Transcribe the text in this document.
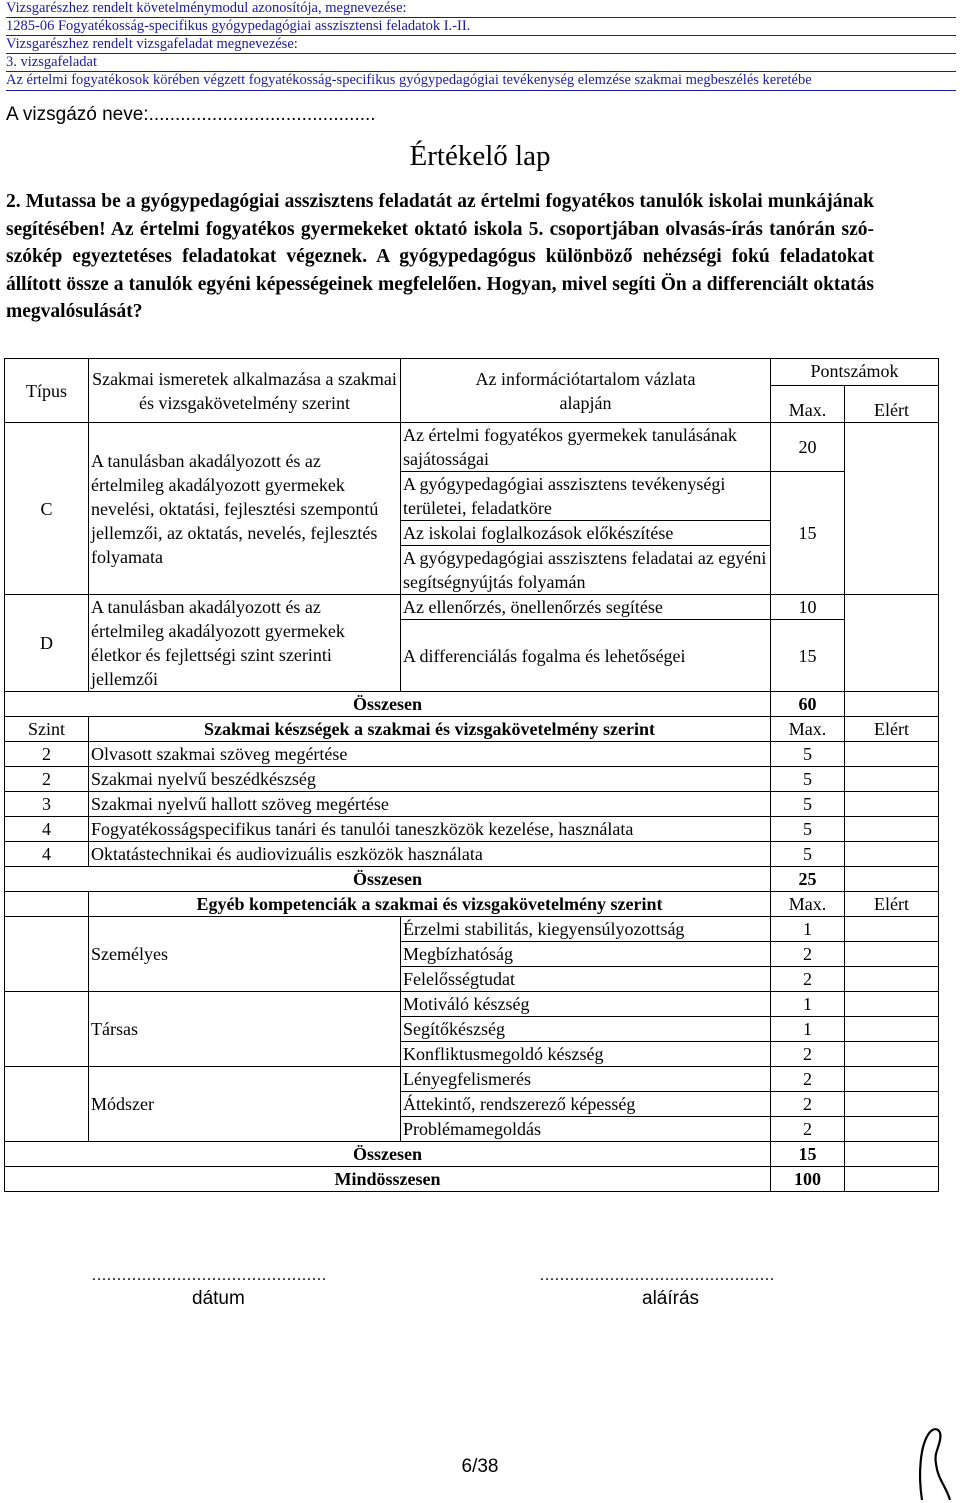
Vizsgarészhez rendelt követelménymodul azonosítója, megnevezése:
1285-06 Fogyatékosság-specifikus gyógypedagógiai asszisztensi feladatok I.-II.
Vizsgarészhez rendelt vizsgafeladat megnevezése:
3. vizsgafeladat
Az értelmi fogyatékosok körében végzett fogyatékosság-specifikus gyógypedagógiai tevékenység elemzése szakmai megbeszélés keretébe
A vizsgázó neve:...........................................
Értékelő lap
2. Mutassa be a gyógypedagógiai asszisztens feladatát az értelmi fogyatékos tanulók iskolai munkájának segítésében! Az értelmi fogyatékos gyermekeket oktató iskola 5. csoportjában olvasás-írás tanórán szó-szókép egyeztetéses feladatokat végeznek. A gyógypedagógus különböző nehézségi fokú feladatokat állított össze a tanulók egyéni képességeinek megfelelően. Hogyan, mivel segíti Ön a differenciált oktatás megvalósulását?
Típus	Szakmai ismeretek alkalmazása a szakmai és vizsgakövetelmény szerint	Az információtartalom vázlata alapján	Pontszámok	
			Max.	Elért
C	A tanulásban akadályozott és az értelmileg akadályozott gyermekek nevelési, oktatási, fejlesztési szempontú jellemzői, az oktatás, nevelés, fejlesztés folyamata	Az értelmi fogyatékos gyermekek tanulásának sajátosságai	20	
		A gyógypedagógiai asszisztens tevékenységi területei, feladatköre	15	
		Az iskolai foglalkozások előkészítése		
		A gyógypedagógiai asszisztens feladatai az egyéni segítségnyújtás folyamán		
D	A tanulásban akadályozott és az értelmileg akadályozott gyermekek életkor és fejlettségi szint szerinti jellemzői	Az ellenőrzés, önellenőrzés segítése	10	
		A differenciálás fogalma és lehetőségei	15	
Összesen			60	
Szint	Szakmai készségek a szakmai és vizsgakövetelmény szerint		Max.	Elért
2	Olvasott szakmai szöveg megértése		5	
2	Szakmai nyelvű beszédkészség		5	
3	Szakmai nyelvű hallott szöveg megértése		5	
4	Fogyatékosságspecifikus tanári és tanulói taneszközök kezelése, használata		5	
4	Oktatástechnikai és audiovizuális eszközök használata		5	
Összesen			25	
	Egyéb kompetenciák a szakmai és vizsgakövetelmény szerint		Max.	Elért
	Személyes	Érzelmi stabilitás, kiegyensúlyozottság	1	
		Megbízhatóság	2	
		Felelősségtudat	2	
	Társas	Motiváló készség	1	
		Segítőkészség	1	
		Konfliktusmegoldó készség	2	
	Módszer	Lényegfelismerés	2	
		Áttekintő, rendszerező képesség	2	
		Problémamegoldás	2	
Összesen			15	
Mindösszesen			100	
...............................................
dátum
...............................................
aláírás
6/38
